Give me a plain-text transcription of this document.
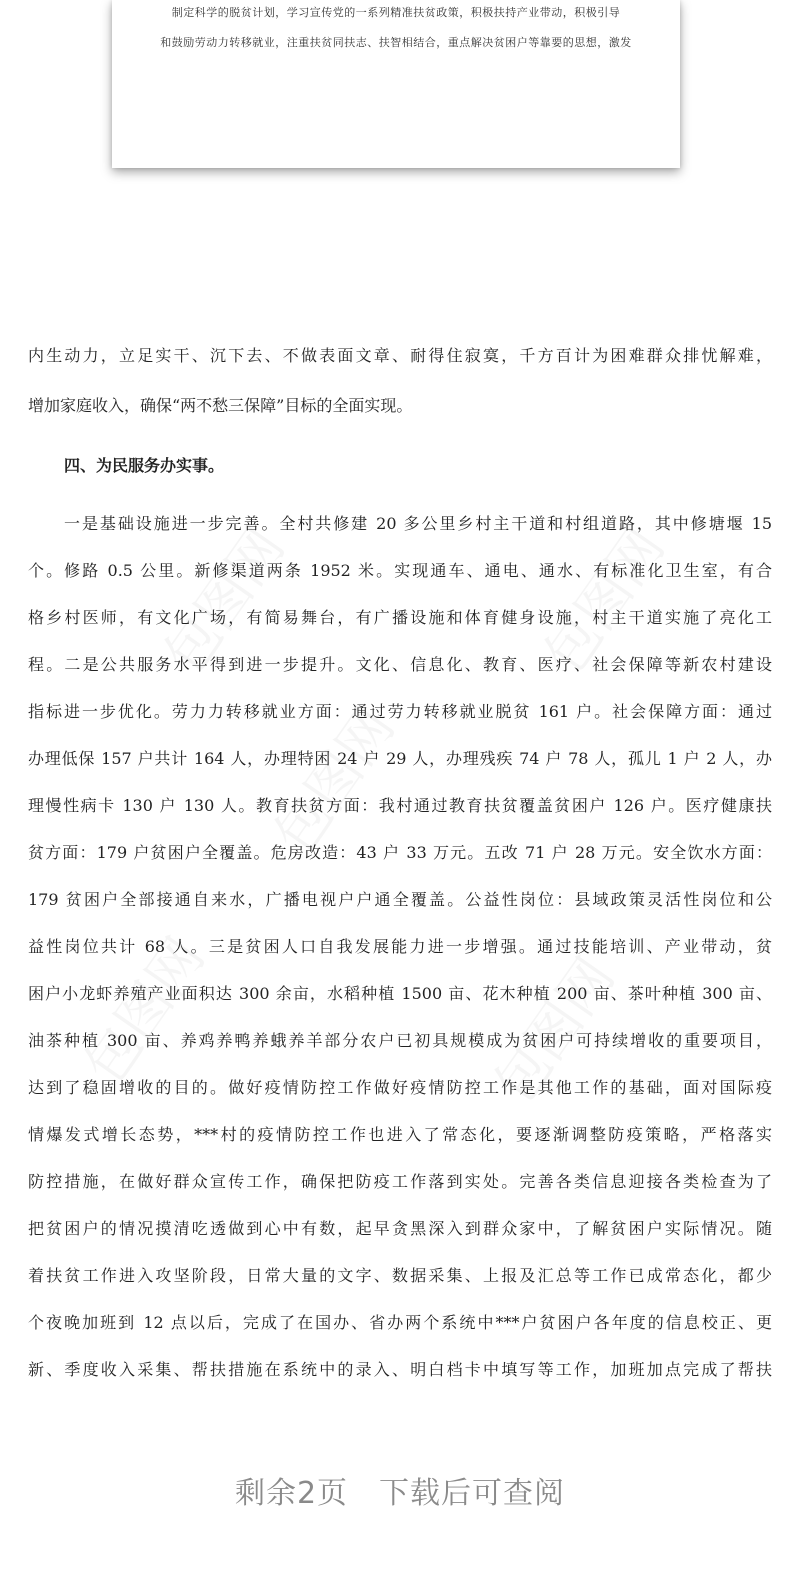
制定科学的脱贫计划，学习宣传党的一系列精准扶贫政策，积极扶持产业带动，积极引导
和鼓励劳动力转移就业，注重扶贫同扶志、扶智相结合，重点解决贫困户等靠要的思想，激发
包图网	包图网
包图网
包图网	包图网
内生动力，立足实干、沉下去、不做表面文章、耐得住寂寞，千方百计为困难群众排忧解难，
增加家庭收入，确保“两不愁三保障”目标的全面实现。
四、为民服务办实事。
一是基础设施进一步完善。全村共修建 20 多公里乡村主干道和村组道路，其中修塘堰 15
个。修路 0.5 公里。新修渠道两条 1952 米。实现通车、通电、通水、有标准化卫生室，有合
格乡村医师，有文化广场，有简易舞台，有广播设施和体育健身设施，村主干道实施了亮化工
程。二是公共服务水平得到进一步提升。文化、信息化、教育、医疗、社会保障等新农村建设
指标进一步优化。劳力力转移就业方面：通过劳力转移就业脱贫 161 户。社会保障方面：通过
办理低保 157 户共计 164 人，办理特困 24 户 29 人，办理残疾 74 户 78 人，孤儿 1 户 2 人，办
理慢性病卡 130 户 130 人。教育扶贫方面：我村通过教育扶贫覆盖贫困户 126 户。医疗健康扶
贫方面：179 户贫困户全覆盖。危房改造：43 户 33 万元。五改 71 户 28 万元。安全饮水方面：
179 贫困户全部接通自来水，广播电视户户通全覆盖。公益性岗位：县域政策灵活性岗位和公
益性岗位共计 68 人。三是贫困人口自我发展能力进一步增强。通过技能培训、产业带动，贫
困户小龙虾养殖产业面积达 300 余亩，水稻种植 1500 亩、花木种植 200 亩、茶叶种植 300 亩、
油茶种植 300 亩、养鸡养鸭养蛾养羊部分农户已初具规模成为贫困户可持续增收的重要项目，
达到了稳固增收的目的。做好疫情防控工作做好疫情防控工作是其他工作的基础，面对国际疫
情爆发式增长态势，***村的疫情防控工作也进入了常态化，要逐渐调整防疫策略，严格落实
防控措施，在做好群众宣传工作，确保把防疫工作落到实处。完善各类信息迎接各类检查为了
把贫困户的情况摸清吃透做到心中有数，起早贪黑深入到群众家中，了解贫困户实际情况。随
着扶贫工作进入攻坚阶段，日常大量的文字、数据采集、上报及汇总等工作已成常态化，都少
个夜晚加班到 12 点以后，完成了在国办、省办两个系统中***户贫困户各年度的信息校正、更
新、季度收入采集、帮扶措施在系统中的录入、明白档卡中填写等工作，加班加点完成了帮扶
剩余2页　下载后可查阅
